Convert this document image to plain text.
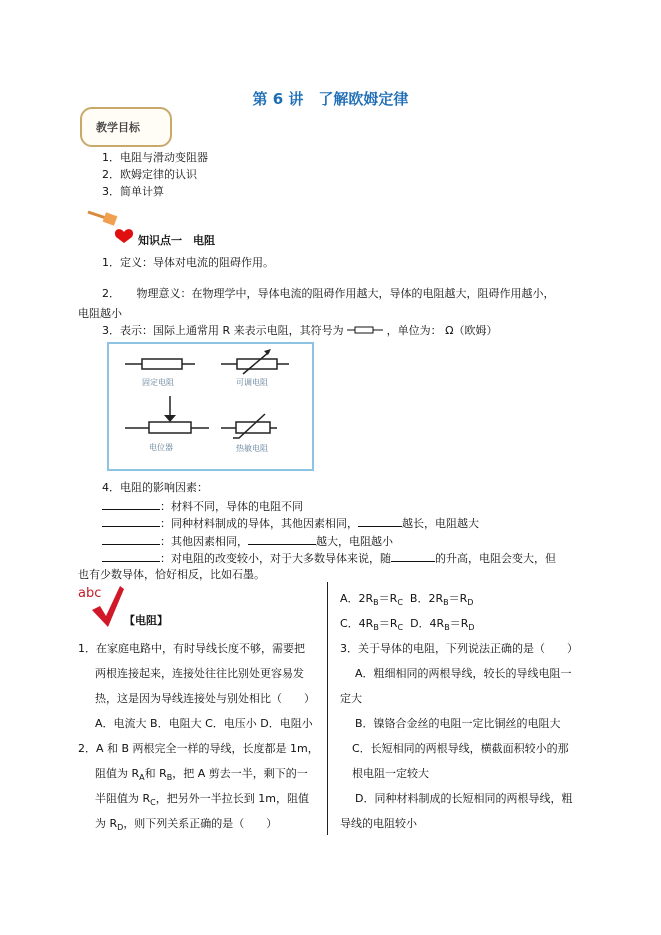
第 6 讲　了解欧姆定律
教学目标
1．电阻与滑动变阻器
2．欧姆定律的认识
3．简单计算
知识点一　电阻
1．定义：导体对电流的阻碍作用。
2．　　物理意义：在物理学中，导体电流的阻碍作用越大，导体的电阻越大，阻碍作用越小，
电阻越小
3．表示：国际上通常用 R 来表示电阻，其符号为	，单位为： Ω（欧姆）
固定电阻	可调电阻
电位器	热敏电阻
4．电阻的影响因素：
：材料不同，导体的电阻不同
：同种材料制成的导体，其他因素相同，	越长，电阻越大
：其他因素相同，	越大，电阻越小
：对电阻的改变较小，对于大多数导体来说，随	的升高，电阻会变大，但
也有少数导体，恰好相反，比如石墨。
abc
【电阻】
1．在家庭电路中，有时导线长度不够，需要把
两根连接起来，连接处往往比别处更容易发
热，这是因为导线连接处与别处相比（　　）
A．电流大 B．电阻大 C．电压小 D．电阻小
2．A 和 B 两根完全一样的导线，长度都是 1m，
阻值为 $R_A$和 $R_B$，把 A 剪去一半，剩下的一
半阻值为 $R_C$，把另外一半拉长到 1m，阻值
为 $R_D$，则下列关系正确的是（　　）
A．$2R_B=R_C$ B．$2R_B=R_D$
C．$4R_B=R_C$ D．$4R_B=R_D$
3．关于导体的电阻，下列说法正确的是（　　）
A．粗细相同的两根导线，较长的导线电阻一
定大
B．镍铬合金丝的电阻一定比铜丝的电阻大
C．长短相同的两根导线，横截面积较小的那
根电阻一定较大
D．同种材料制成的长短相同的两根导线，粗
导线的电阻较小
